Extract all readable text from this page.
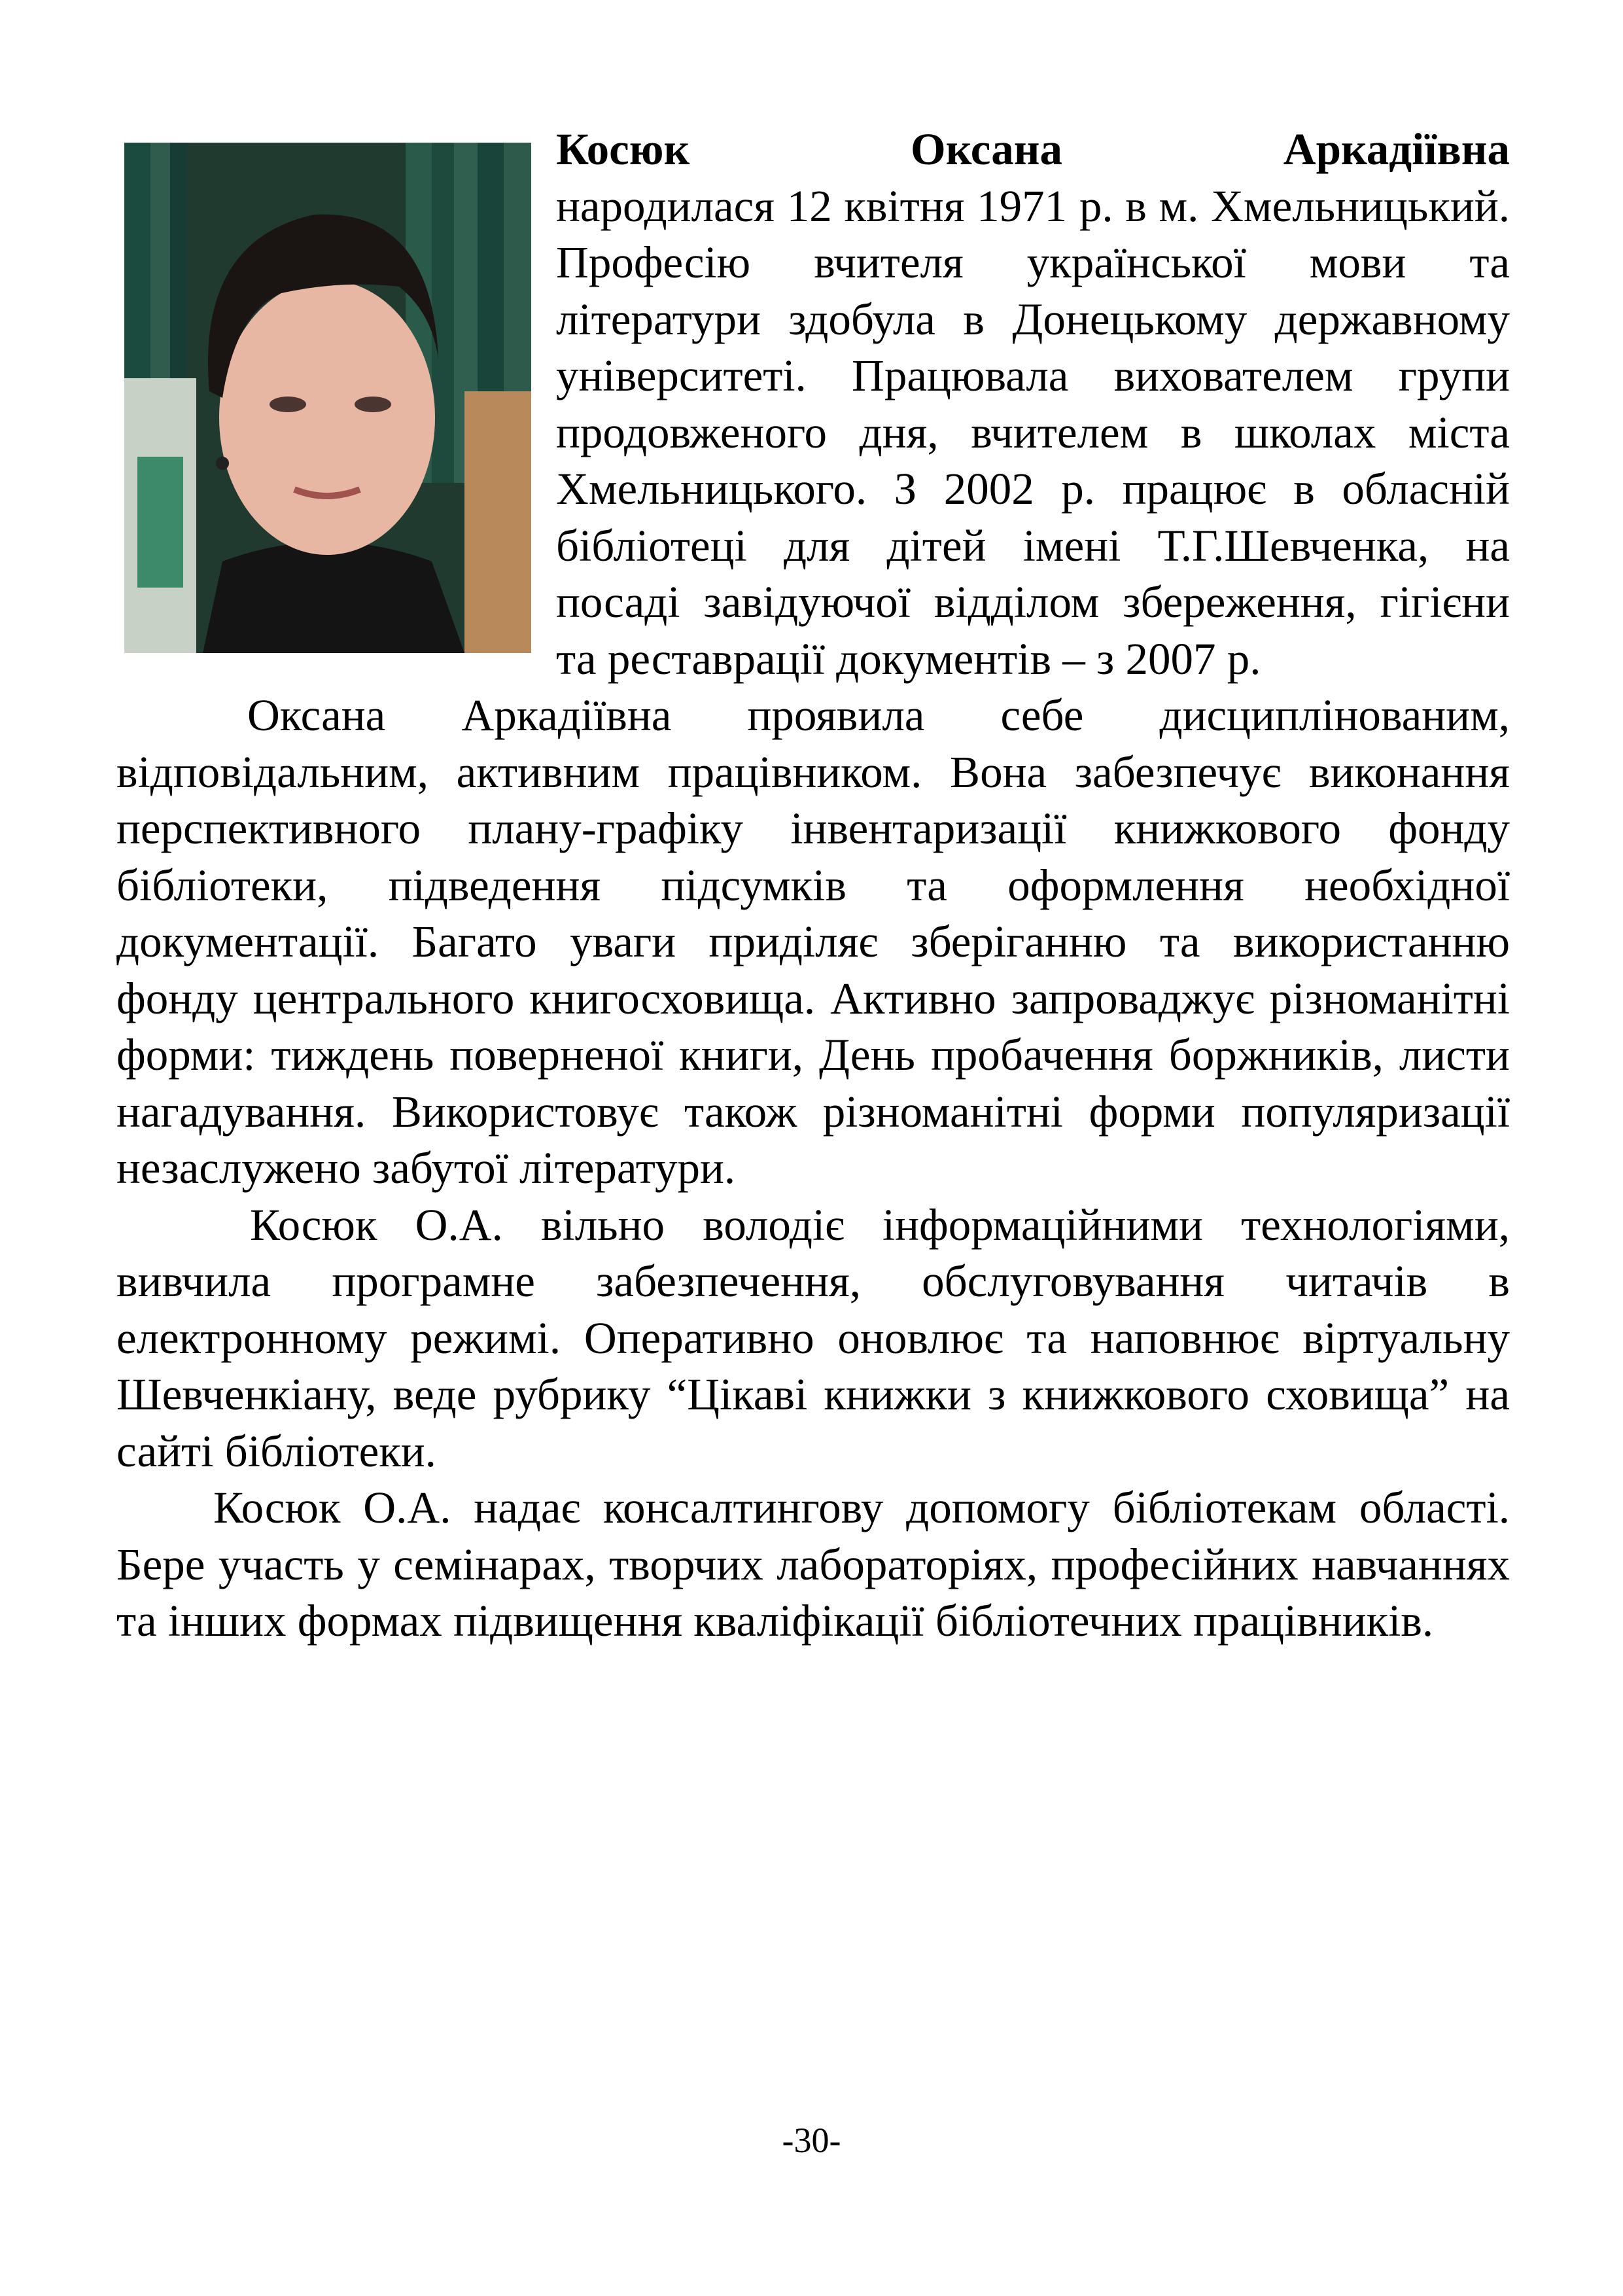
Косюк Оксана Аркадіївна

народилася 12 квітня 1971 р. в м. Хмельницький. Професію вчителя української мови та літератури здобула в Донецькому державному університеті. Працювала вихователем групи продовженого дня, вчителем в школах міста Хмельницького. З 2002 р. працює в обласній бібліотеці для дітей імені Т.Г.Шевченка, на посаді завідуючої відділом збереження, гігієни та реставрації документів – з 2007 р.

Оксана Аркадіївна проявила себе дисциплінованим, відповідальним, активним працівником. Вона забезпечує виконання перспективного плану-графіку інвентаризації книжкового фонду бібліотеки, підведення підсумків та оформлення необхідної документації. Багато уваги приділяє зберіганню та використанню фонду центрального книгосховища. Активно запроваджує різноманітні форми: тиждень поверненої книги, День пробачення боржників, листи нагадування. Використовує також різноманітні форми популяризації незаслужено забутої літератури.

Косюк О.А. вільно володіє інформаційними технологіями, вивчила програмне забезпечення, обслуговування читачів в електронному режимі. Оперативно оновлює та наповнює віртуальну Шевченкіану, веде рубрику “Цікаві книжки з книжкового сховища” на сайті бібліотеки.

Косюк О.А. надає консалтингову допомогу бібліотекам області. Бере участь у семінарах, творчих лабораторіях, професійних навчаннях та інших формах підвищення кваліфікації бібліотечних працівників.

-30-
